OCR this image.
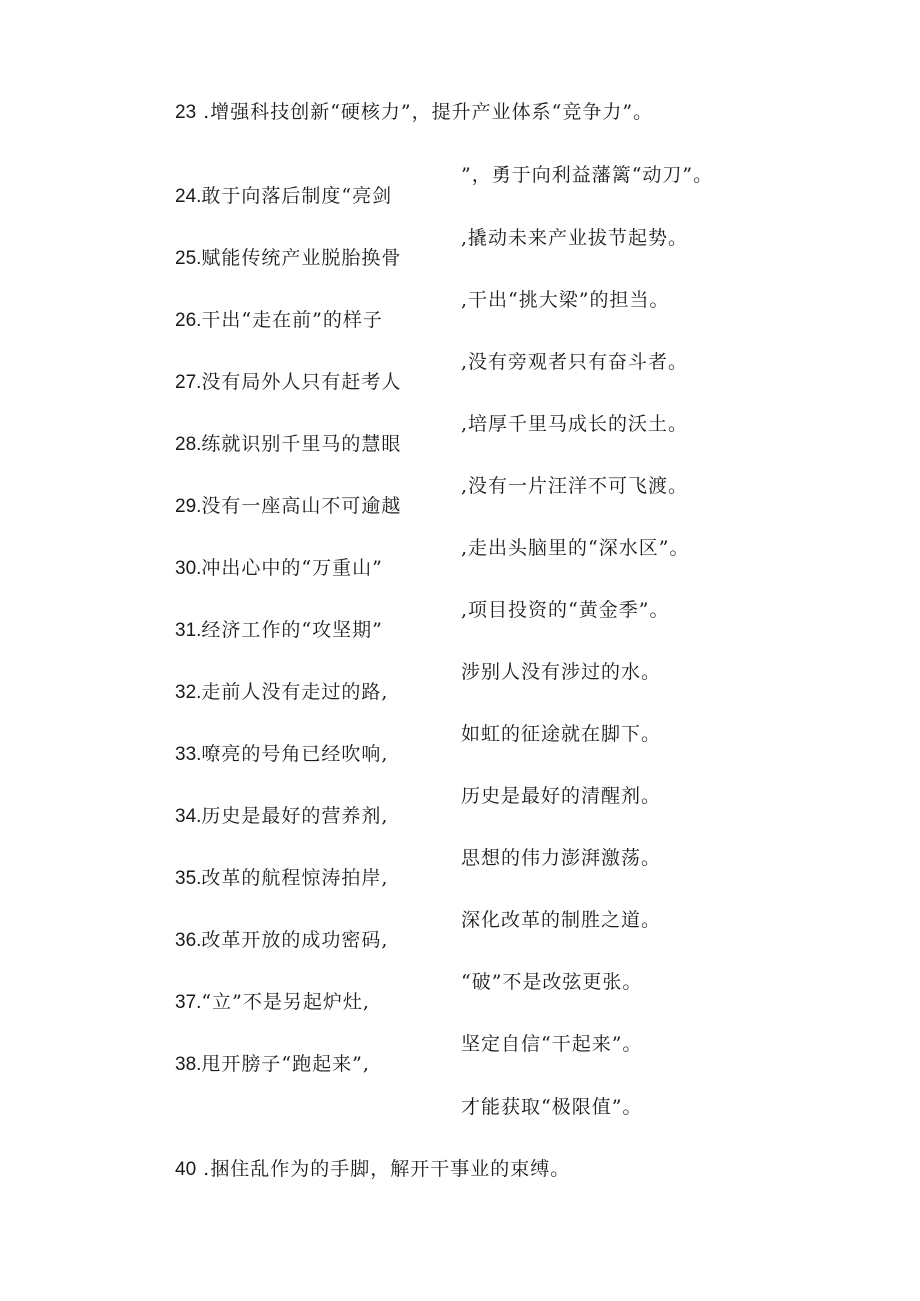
23 .增强科技创新“硬核力”，提升产业体系“竞争力”。
”，勇于向利益藩篱“动刀”。
24.敢于向落后制度“亮剑
,撬动未来产业拔节起势。
25.赋能传统产业脱胎换骨
,干出“挑大梁”的担当。
26.干出“走在前”的样子
,没有旁观者只有奋斗者。
27.没有局外人只有赶考人
,培厚千里马成长的沃土。
28.练就识别千里马的慧眼
,没有一片汪洋不可飞渡。
29.没有一座高山不可逾越
,走出头脑里的“深水区”。
30.冲出心中的“万重山”
,项目投资的“黄金季”。
31.经济工作的“攻坚期”
涉别人没有涉过的水。
32.走前人没有走过的路,
如虹的征途就在脚下。
33.嘹亮的号角已经吹响,
历史是最好的清醒剂。
34.历史是最好的营养剂,
思想的伟力澎湃激荡。
35.改革的航程惊涛拍岸,
深化改革的制胜之道。
36.改革开放的成功密码,
“破”不是改弦更张。
37.“立”不是另起炉灶,
坚定自信“干起来”。
38.甩开膀子“跑起来”,
才能获取“极限值”。
40 .捆住乱作为的手脚，解开干事业的束缚。
